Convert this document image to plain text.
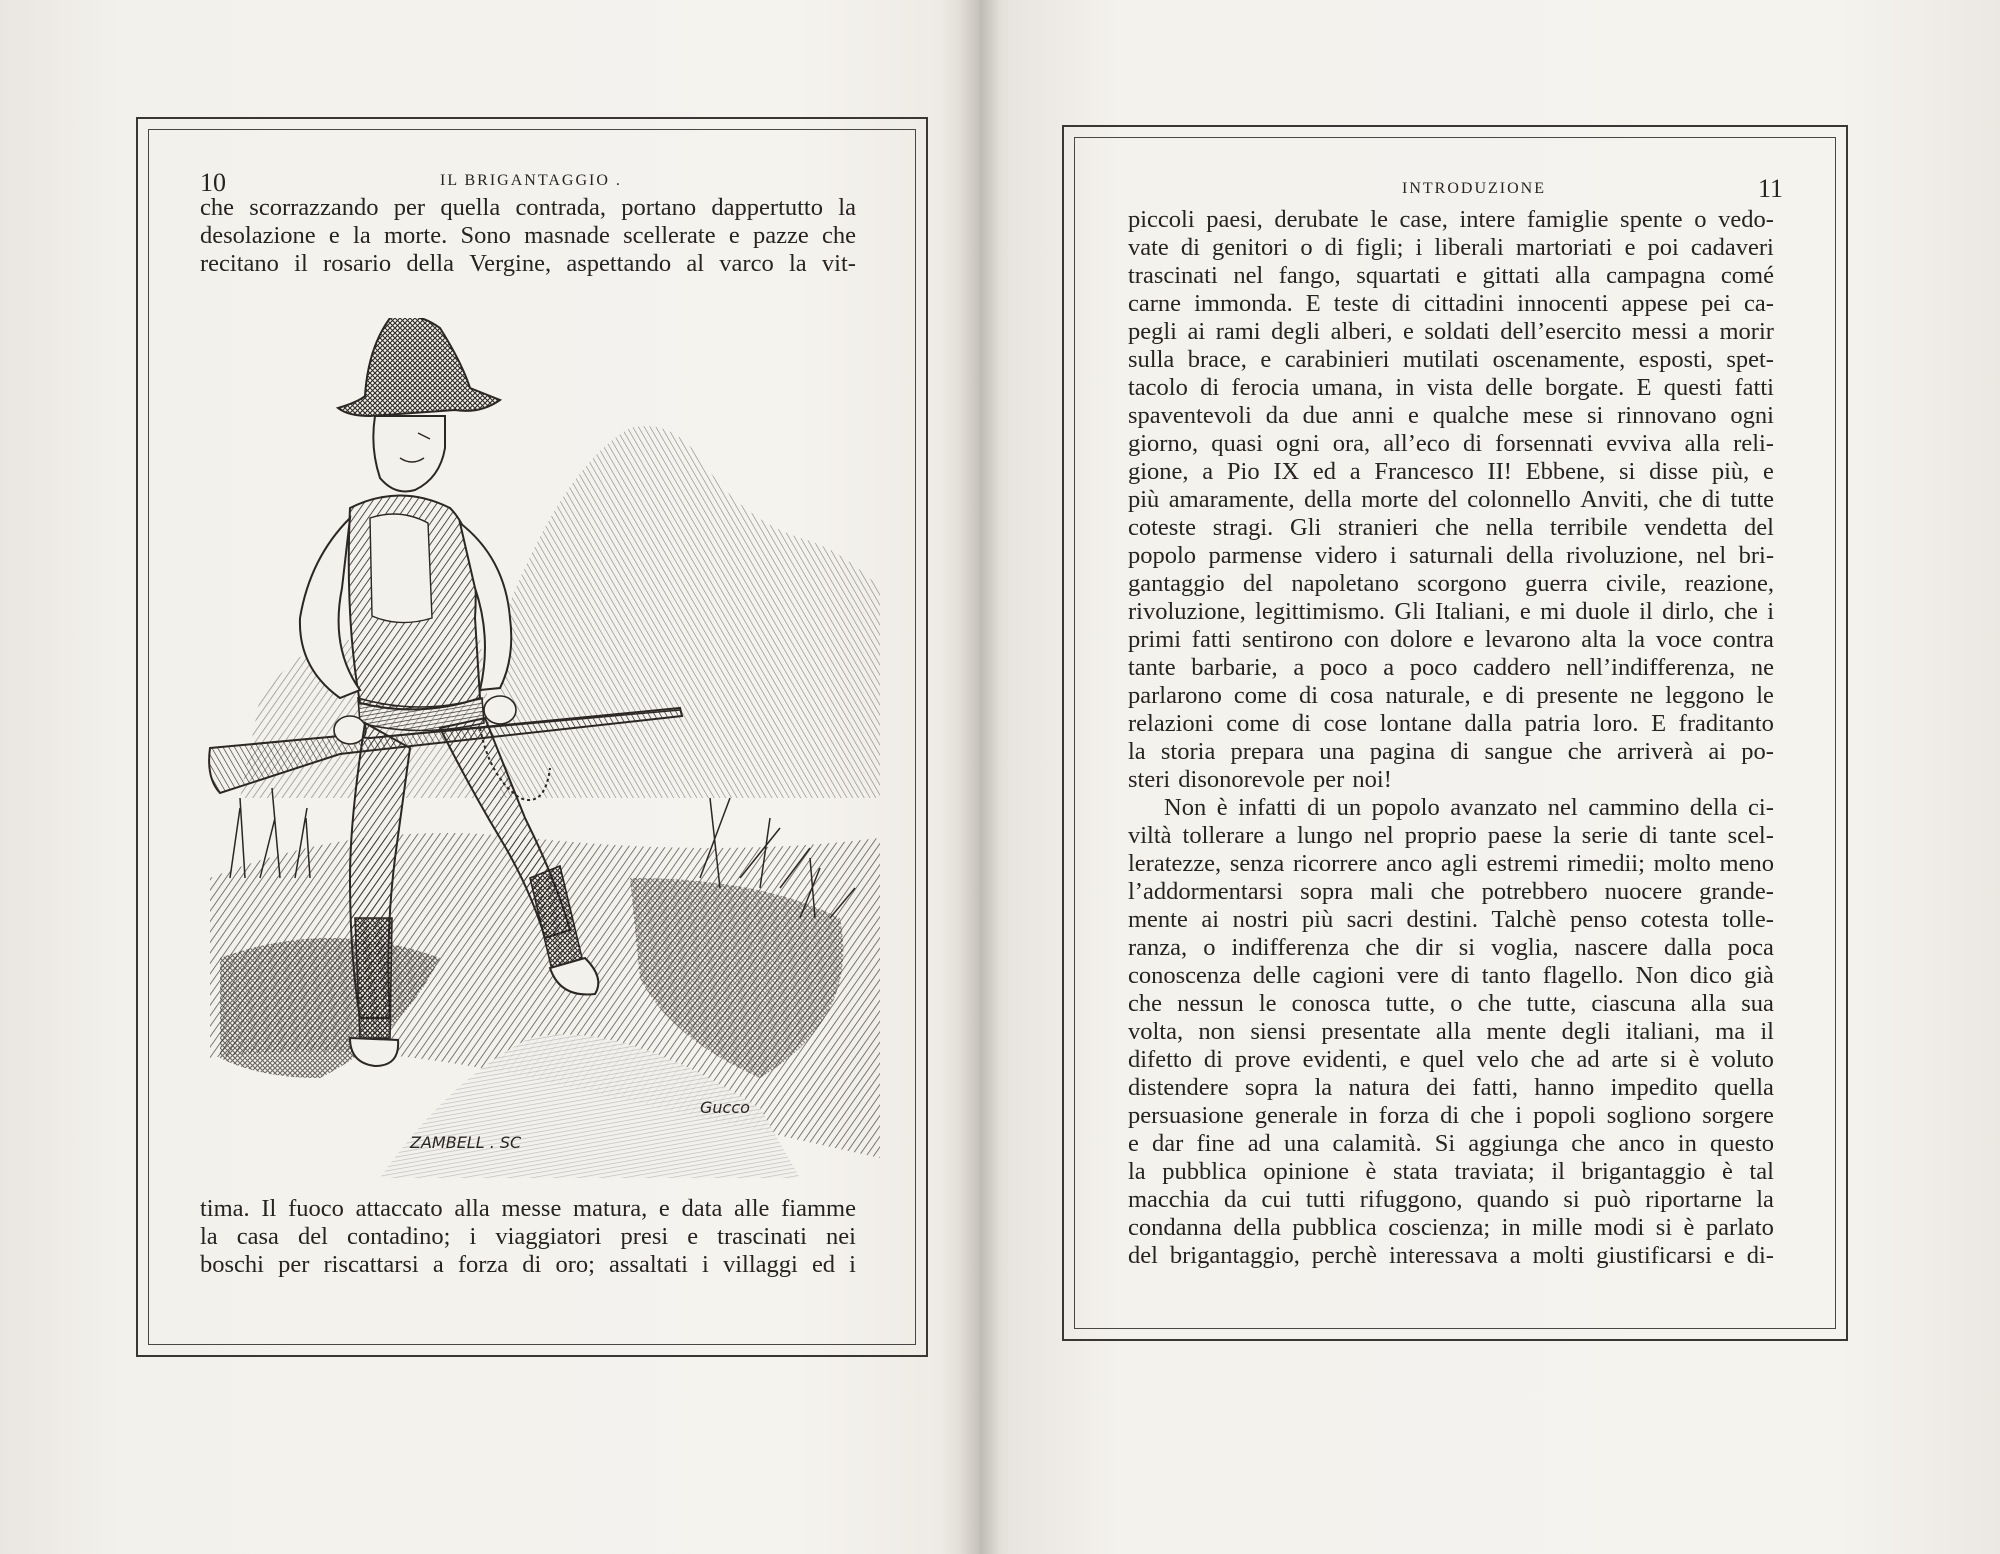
10	IL BRIGANTAGGIO .
che scorrazzando per quella contrada, portano dappertutto la
desolazione e la morte. Sono masnade scellerate e pazze che
recitano il rosario della Vergine, aspettando al varco la vit-
ZAMBELL . SC
Gucco
tima. Il fuoco attaccato alla messe matura, e data alle fiamme
la casa del contadino; i viaggiatori presi e trascinati nei
boschi per riscattarsi a forza di oro; assaltati i villaggi ed i
INTRODUZIONE	11
piccoli paesi, derubate le case, intere famiglie spente o vedo-
vate di genitori o di figli; i liberali martoriati e poi cadaveri
trascinati nel fango, squartati e gittati alla campagna comé
carne immonda. E teste di cittadini innocenti appese pei ca-
pegli ai rami degli alberi, e soldati dell’esercito messi a morir
sulla brace, e carabinieri mutilati oscenamente, esposti, spet-
tacolo di ferocia umana, in vista delle borgate. E questi fatti
spaventevoli da due anni e qualche mese si rinnovano ogni
giorno, quasi ogni ora, all’eco di forsennati evviva alla reli-
gione, a Pio IX ed a Francesco II! Ebbene, si disse più, e
più amaramente, della morte del colonnello Anviti, che di tutte
coteste stragi. Gli stranieri che nella terribile vendetta del
popolo parmense videro i saturnali della rivoluzione, nel bri-
gantaggio del napoletano scorgono guerra civile, reazione,
rivoluzione, legittimismo. Gli Italiani, e mi duole il dirlo, che i
primi fatti sentirono con dolore e levarono alta la voce contra
tante barbarie, a poco a poco caddero nell’indifferenza, ne
parlarono come di cosa naturale, e di presente ne leggono le
relazioni come di cose lontane dalla patria loro. E fraditanto
la storia prepara una pagina di sangue che arriverà ai po-
steri disonorevole per noi!
Non è infatti di un popolo avanzato nel cammino della ci-
viltà tollerare a lungo nel proprio paese la serie di tante scel-
leratezze, senza ricorrere anco agli estremi rimedii; molto meno
l’addormentarsi sopra mali che potrebbero nuocere grande-
mente ai nostri più sacri destini. Talchè penso cotesta tolle-
ranza, o indifferenza che dir si voglia, nascere dalla poca
conoscenza delle cagioni vere di tanto flagello. Non dico già
che nessun le conosca tutte, o che tutte, ciascuna alla sua
volta, non siensi presentate alla mente degli italiani, ma il
difetto di prove evidenti, e quel velo che ad arte si è voluto
distendere sopra la natura dei fatti, hanno impedito quella
persuasione generale in forza di che i popoli sogliono sorgere
e dar fine ad una calamità. Si aggiunga che anco in questo
la pubblica opinione è stata traviata; il brigantaggio è tal
macchia da cui tutti rifuggono, quando si può riportarne la
condanna della pubblica coscienza; in mille modi si è parlato
del brigantaggio, perchè interessava a molti giustificarsi e di-
